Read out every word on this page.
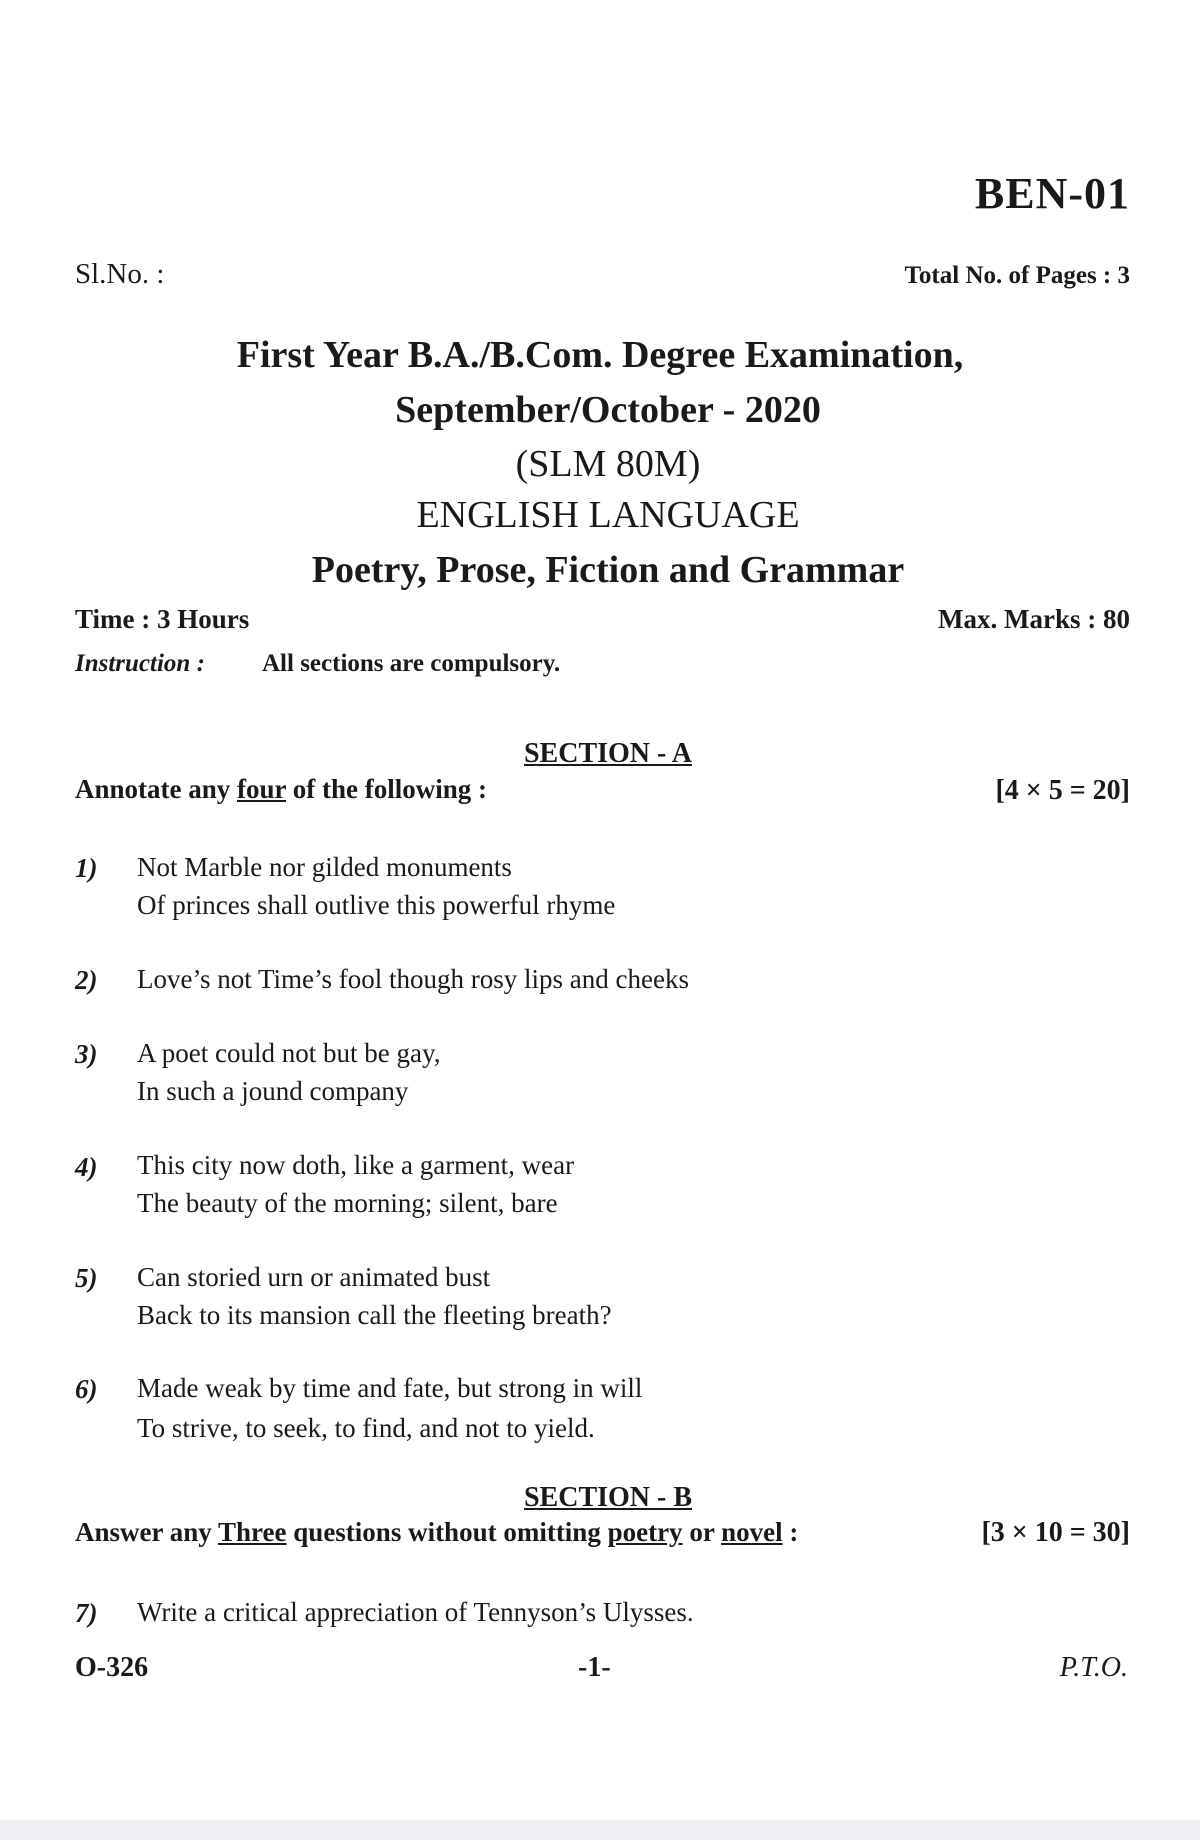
BEN-01
Sl.No. :	Total No. of Pages : 3
First Year B.A./B.Com. Degree Examination,
September/October - 2020
(SLM 80M)
ENGLISH LANGUAGE
Poetry, Prose, Fiction and Grammar
Time : 3 Hours	Max. Marks : 80
Instruction : All sections are compulsory.
SECTION - A
Annotate any four of the following :	[4 × 5 = 20]
1) Not Marble nor gilded monuments
Of princes shall outlive this powerful rhyme
2) Love’s not Time’s fool though rosy lips and cheeks
3) A poet could not but be gay,
In such a jound company
4) This city now doth, like a garment, wear
The beauty of the morning; silent, bare
5) Can storied urn or animated bust
Back to its mansion call the fleeting breath?
6) Made weak by time and fate, but strong in will
To strive, to seek, to find, and not to yield.
SECTION - B
Answer any Three questions without omitting poetry or novel :	[3 × 10 = 30]
7) Write a critical appreciation of Tennyson’s Ulysses.
O-326	-1-	P.T.O.
